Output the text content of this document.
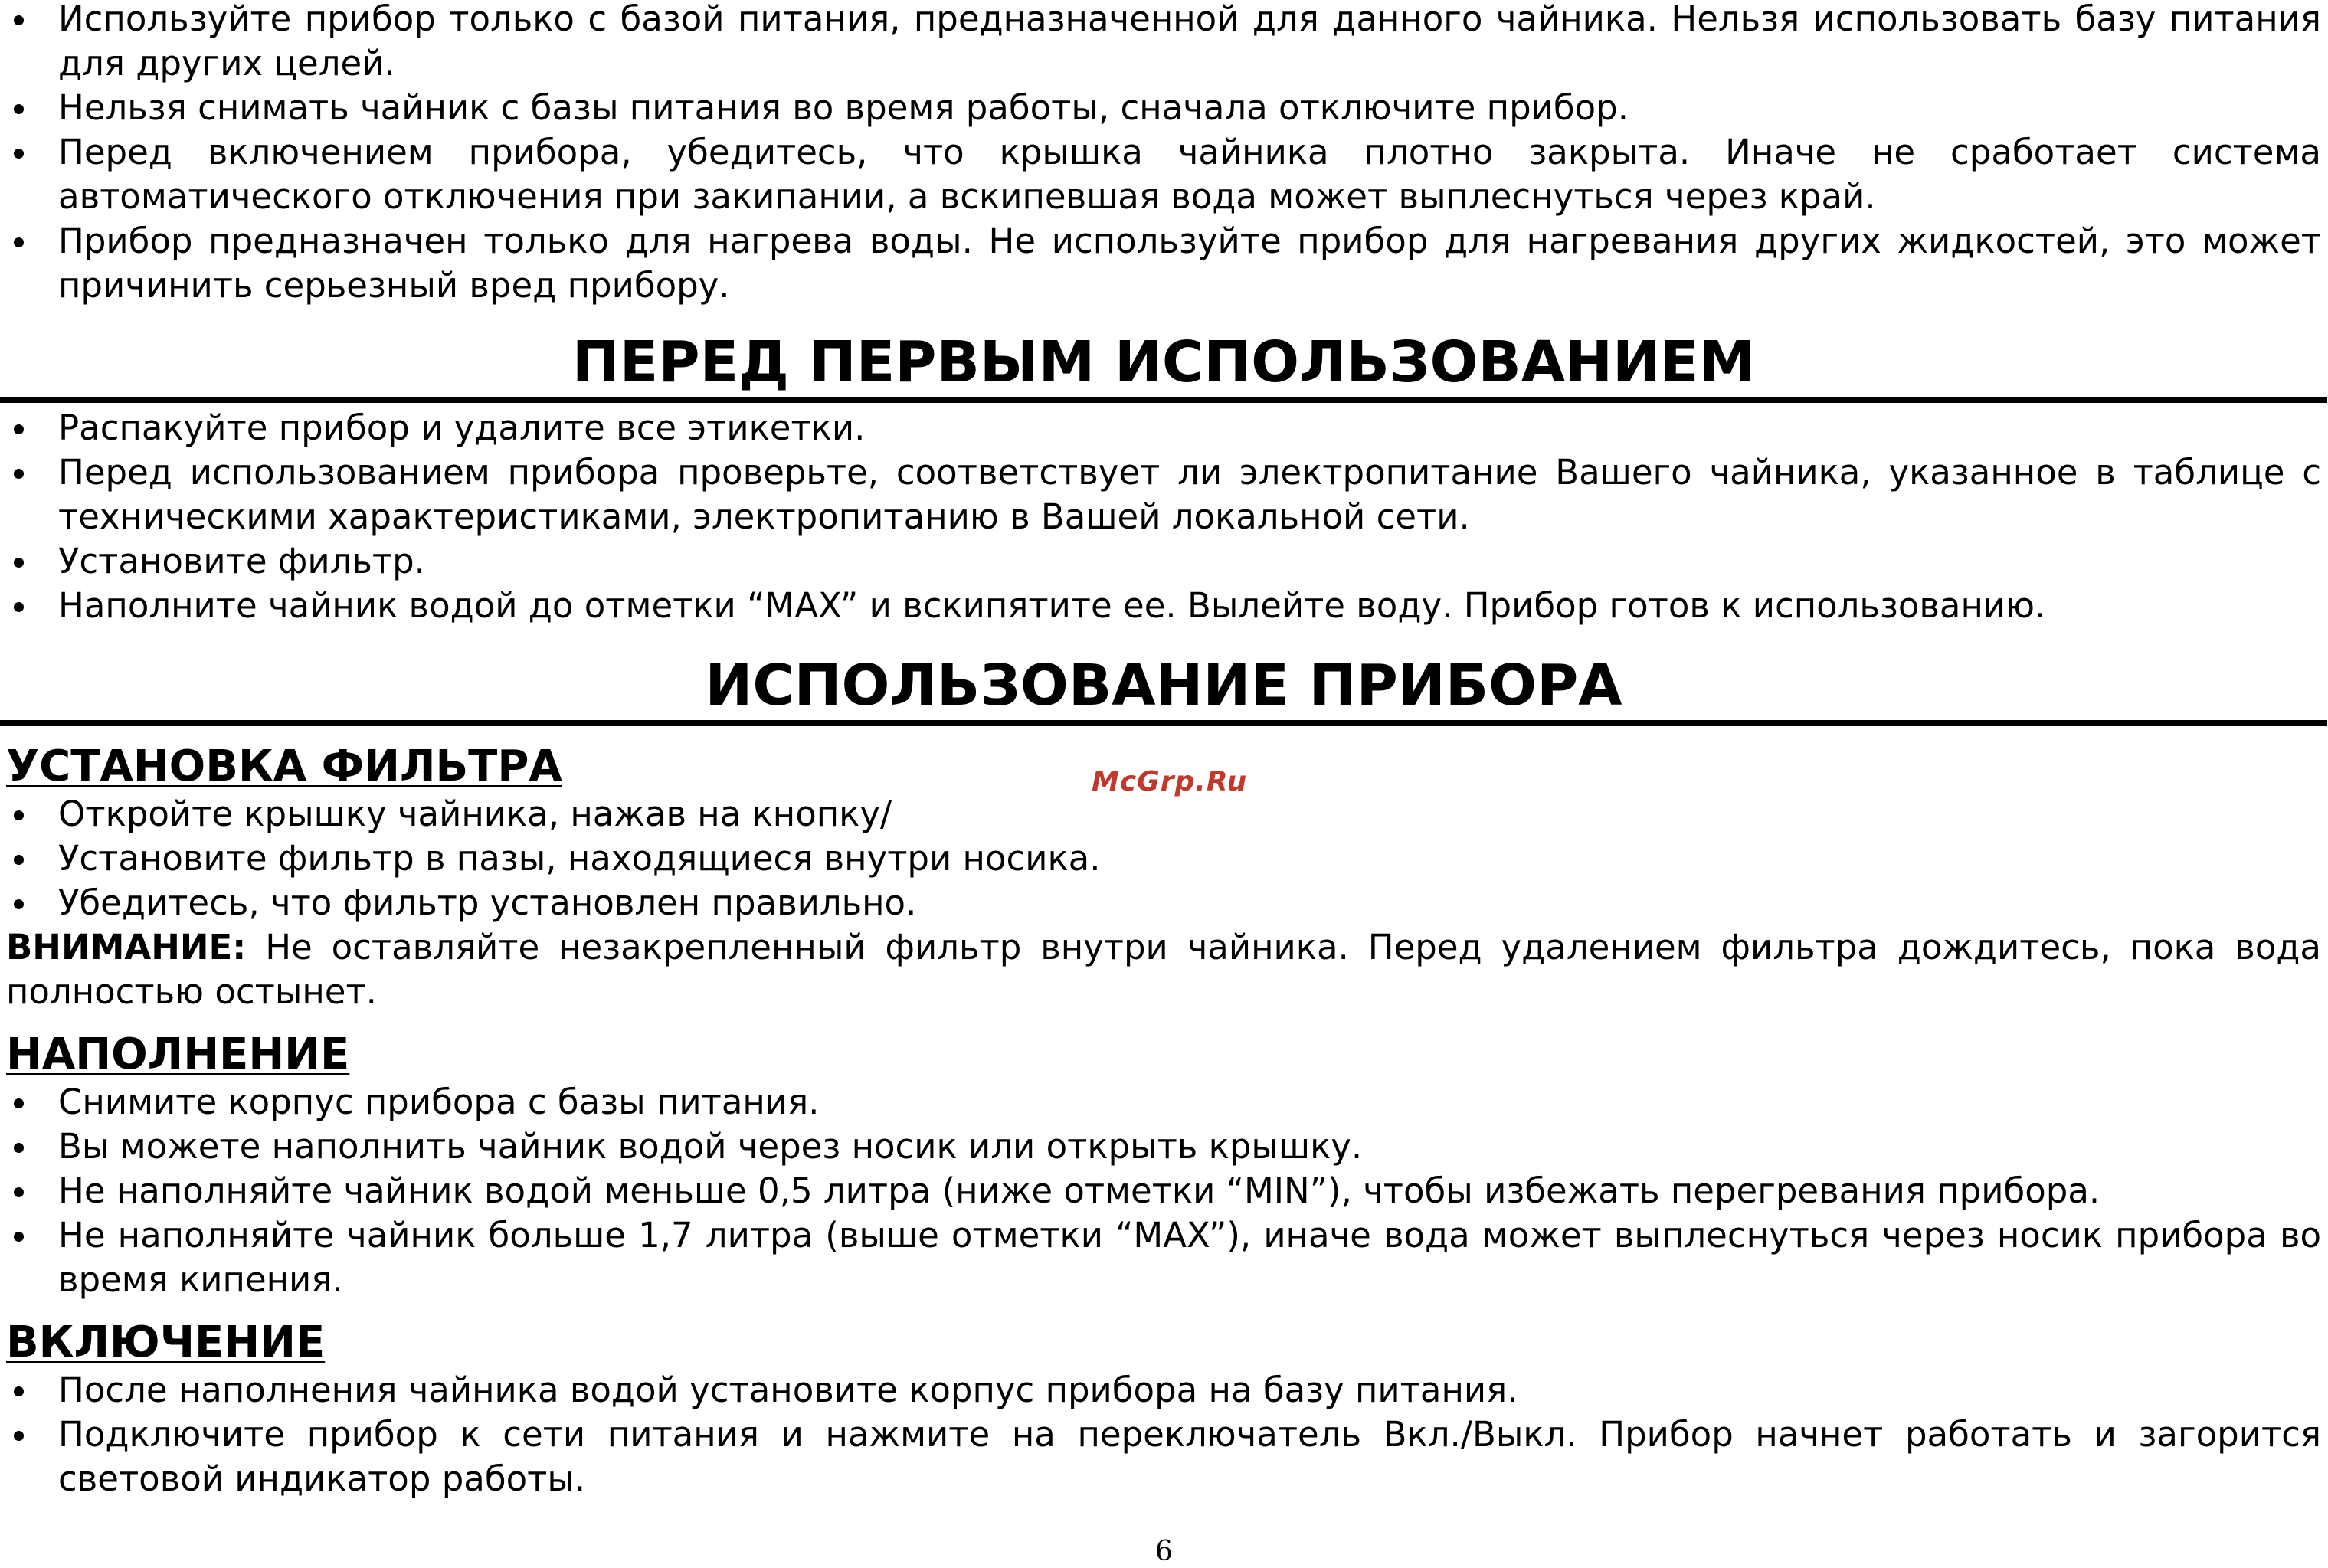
Используйте прибор только с базой питания, предназначенной для данного чайника. Нельзя использовать базу питания для других целей.
Нельзя снимать чайник с базы питания во время работы, сначала отключите прибор.
Перед включением прибора, убедитесь, что крышка чайника плотно закрыта. Иначе не сработает система автоматического отключения при закипании, а вскипевшая вода может выплеснуться через край.
Прибор предназначен только для нагрева воды. Не используйте прибор для нагревания других жидкостей, это может причинить серьезный вред прибору.
ПЕРЕД ПЕРВЫМ ИСПОЛЬЗОВАНИЕМ
Распакуйте прибор и удалите все этикетки.
Перед использованием прибора проверьте, соответствует ли электропитание Вашего чайника, указанное в таблице с техническими характеристиками, электропитанию в Вашей локальной сети.
Установите фильтр.
Наполните чайник водой до отметки “MAX” и вскипятите ее. Вылейте воду. Прибор готов к использованию.
ИСПОЛЬЗОВАНИЕ ПРИБОРА
УСТАНОВКА ФИЛЬТРА
Откройте крышку чайника, нажав на кнопку/
Установите фильтр в пазы, находящиеся внутри носика.
Убедитесь, что фильтр установлен правильно.

ВНИМАНИЕ: Не оставляйте незакрепленный фильтр внутри чайника. Перед удалением фильтра дождитесь, пока вода полностью остынет.

НАПОЛНЕНИЕ
Снимите корпус прибора с базы питания.
Вы можете наполнить чайник водой через носик или открыть крышку.
Не наполняйте чайник водой меньше 0,5 литра (ниже отметки “MIN”), чтобы избежать перегревания прибора.
Не наполняйте чайник больше 1,7 литра (выше отметки “MAX”), иначе вода может выплеснуться через носик прибора во время кипения.
ВКЛЮЧЕНИЕ
После наполнения чайника водой установите корпус прибора на базу питания.
Подключите прибор к сети питания и нажмите на переключатель Вкл./Выкл. Прибор начнет работать и загорится световой индикатор работы.
McGrp.Ru
6
